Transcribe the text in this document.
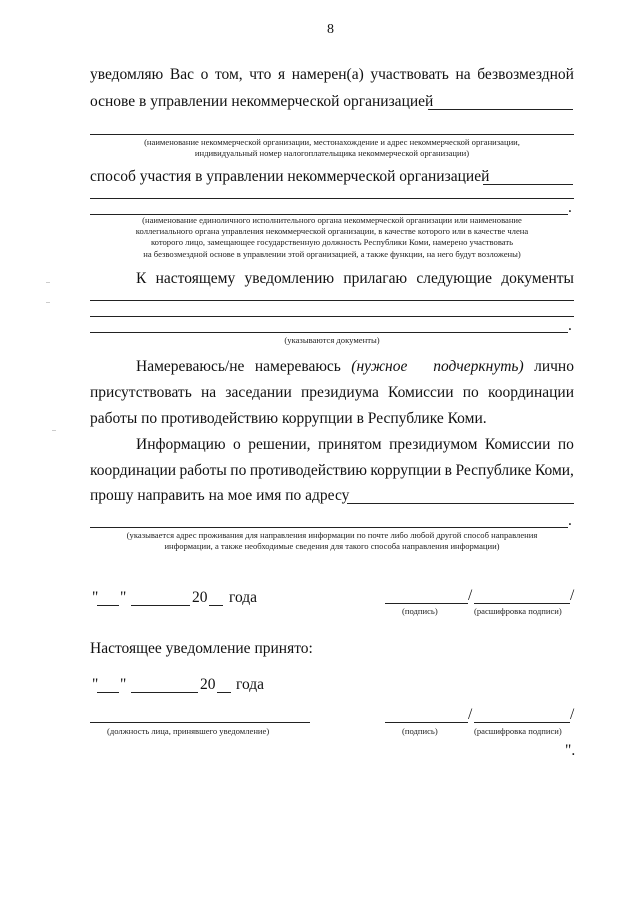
8
уведомляю Вас о том, что я намерен(а) участвовать на безвозмездной
основе в управлении некоммерческой организацией
(наименование некоммерческой организации, местонахождение и адрес некоммерческой организации,
индивидуальный номер налогоплательщика некоммерческой организации)
способ участия в управлении некоммерческой организацией
.
(наименование единоличного исполнительного органа некоммерческой организации или наименование
коллегиального органа управления некоммерческой организации, в качестве которого или в качестве члена
которого лицо, замещающее государственную должность Республики Коми, намерено участвовать
на безвозмездной основе в управлении этой организацией, а также функции, на него будут возложены)
К настоящему уведомлению прилагаю следующие документы
.
(указываются документы)
Намереваюсь/не намереваюсь (нужное подчеркнуть) лично
присутствовать на заседании президиума Комиссии по координации
работы по противодействию коррупции в Республике Коми.
Информацию о решении, принятом президиумом Комиссии по
координации работы по противодействию коррупции в Республике Коми,
прошу направить на мое имя по адресу
.
(указывается адрес проживания для направления информации по почте либо любой другой способ направления
информации, а также необходимые сведения для такого способа направления информации)
" "	20 года	/	/
(подпись)	(расшифровка подписи)
Настоящее уведомление принято:
" "	20 года
(должность лица, принявшего уведомление)
/	/
(подпись)	(расшифровка подписи)
".
